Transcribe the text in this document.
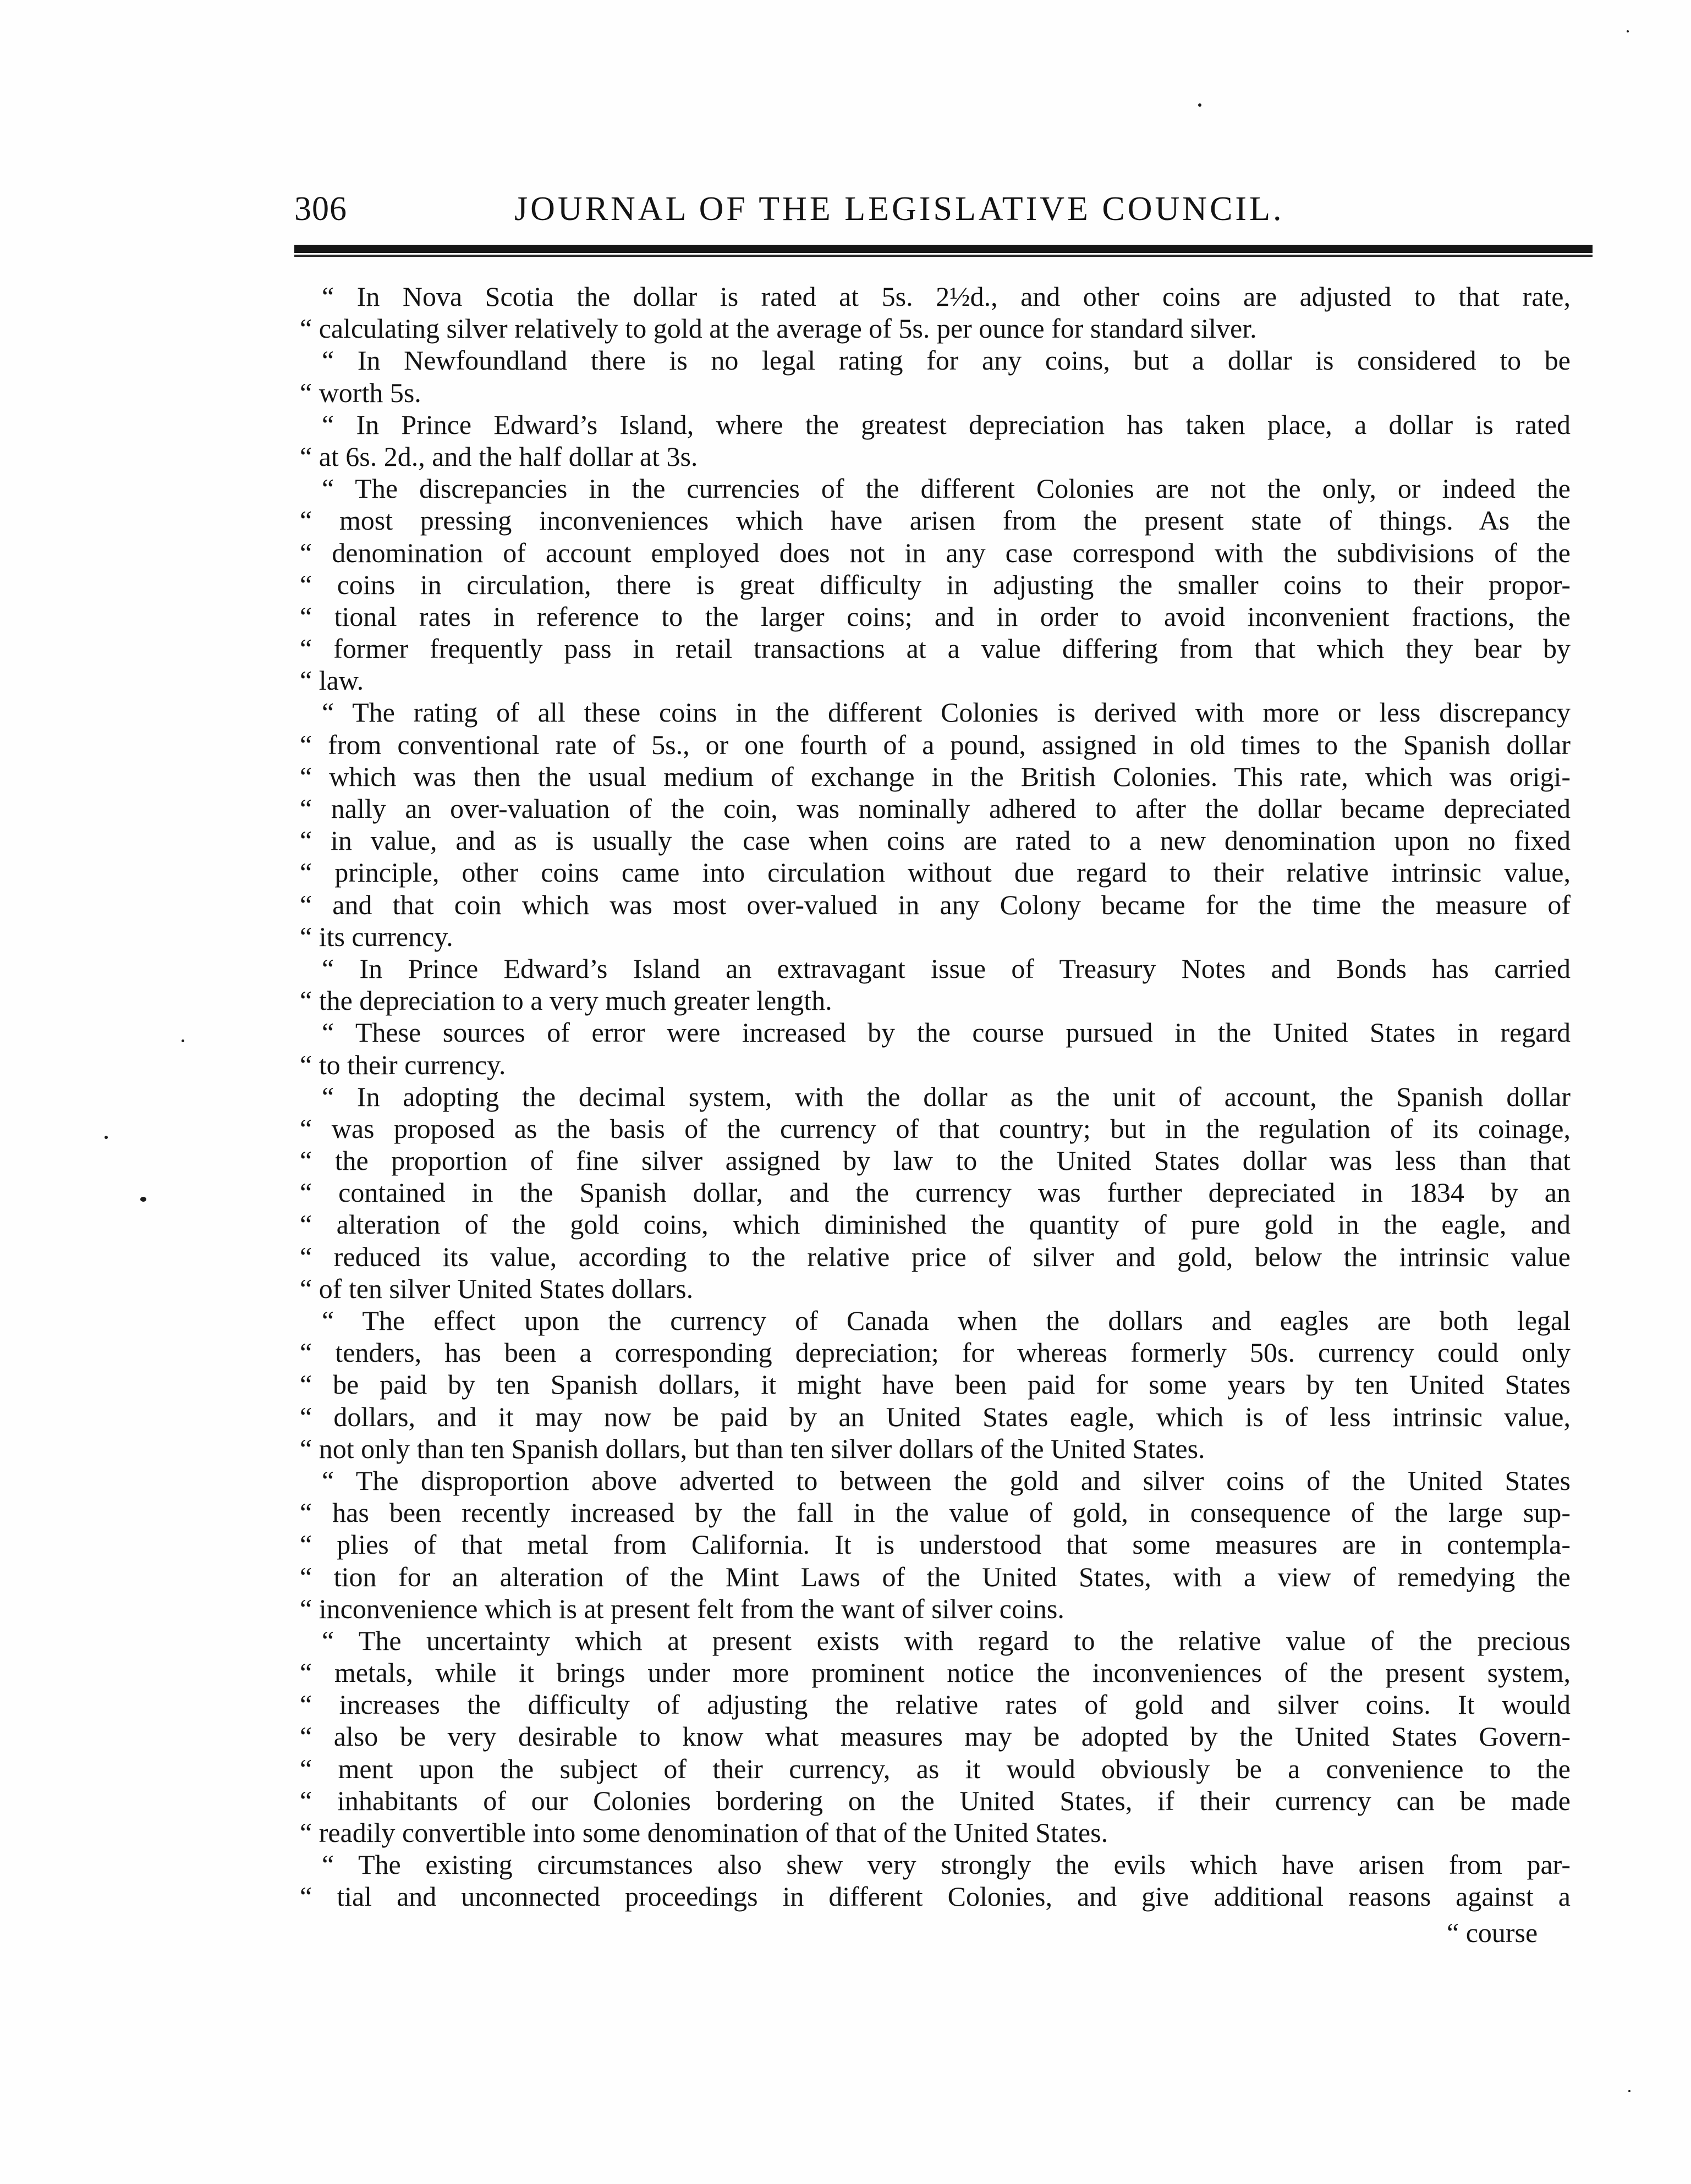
306	JOURNAL OF THE LEGISLATIVE COUNCIL.
“ In Nova Scotia the dollar is rated at 5s. 2½d., and other coins are adjusted to that rate,
“ calculating silver relatively to gold at the average of 5s. per ounce for standard silver.
“ In Newfoundland there is no legal rating for any coins, but a dollar is considered to be
“ worth 5s.
“ In Prince Edward’s Island, where the greatest depreciation has taken place, a dollar is rated
“ at 6s. 2d., and the half dollar at 3s.
“ The discrepancies in the currencies of the different Colonies are not the only, or indeed the
“ most pressing inconveniences which have arisen from the present state of things. As the
“ denomination of account employed does not in any case correspond with the subdivisions of the
“ coins in circulation, there is great difficulty in adjusting the smaller coins to their propor-
“ tional rates in reference to the larger coins; and in order to avoid inconvenient fractions, the
“ former frequently pass in retail transactions at a value differing from that which they bear by
“ law.
“ The rating of all these coins in the different Colonies is derived with more or less discrepancy
“ from conventional rate of 5s., or one fourth of a pound, assigned in old times to the Spanish dollar
“ which was then the usual medium of exchange in the British Colonies. This rate, which was origi-
“ nally an over-valuation of the coin, was nominally adhered to after the dollar became depreciated
“ in value, and as is usually the case when coins are rated to a new denomination upon no fixed
“ principle, other coins came into circulation without due regard to their relative intrinsic value,
“ and that coin which was most over-valued in any Colony became for the time the measure of
“ its currency.
“ In Prince Edward’s Island an extravagant issue of Treasury Notes and Bonds has carried
“ the depreciation to a very much greater length.
“ These sources of error were increased by the course pursued in the United States in regard
“ to their currency.
“ In adopting the decimal system, with the dollar as the unit of account, the Spanish dollar
“ was proposed as the basis of the currency of that country; but in the regulation of its coinage,
“ the proportion of fine silver assigned by law to the United States dollar was less than that
“ contained in the Spanish dollar, and the currency was further depreciated in 1834 by an
“ alteration of the gold coins, which diminished the quantity of pure gold in the eagle, and
“ reduced its value, according to the relative price of silver and gold, below the intrinsic value
“ of ten silver United States dollars.
“ The effect upon the currency of Canada when the dollars and eagles are both legal
“ tenders, has been a corresponding depreciation; for whereas formerly 50s. currency could only
“ be paid by ten Spanish dollars, it might have been paid for some years by ten United States
“ dollars, and it may now be paid by an United States eagle, which is of less intrinsic value,
“ not only than ten Spanish dollars, but than ten silver dollars of the United States.
“ The disproportion above adverted to between the gold and silver coins of the United States
“ has been recently increased by the fall in the value of gold, in consequence of the large sup-
“ plies of that metal from California. It is understood that some measures are in contempla-
“ tion for an alteration of the Mint Laws of the United States, with a view of remedying the
“ inconvenience which is at present felt from the want of silver coins.
“ The uncertainty which at present exists with regard to the relative value of the precious
“ metals, while it brings under more prominent notice the inconveniences of the present system,
“ increases the difficulty of adjusting the relative rates of gold and silver coins. It would
“ also be very desirable to know what measures may be adopted by the United States Govern-
“ ment upon the subject of their currency, as it would obviously be a convenience to the
“ inhabitants of our Colonies bordering on the United States, if their currency can be made
“ readily convertible into some denomination of that of the United States.
“ The existing circumstances also shew very strongly the evils which have arisen from par-
“ tial and unconnected proceedings in different Colonies, and give additional reasons against a
“ course
